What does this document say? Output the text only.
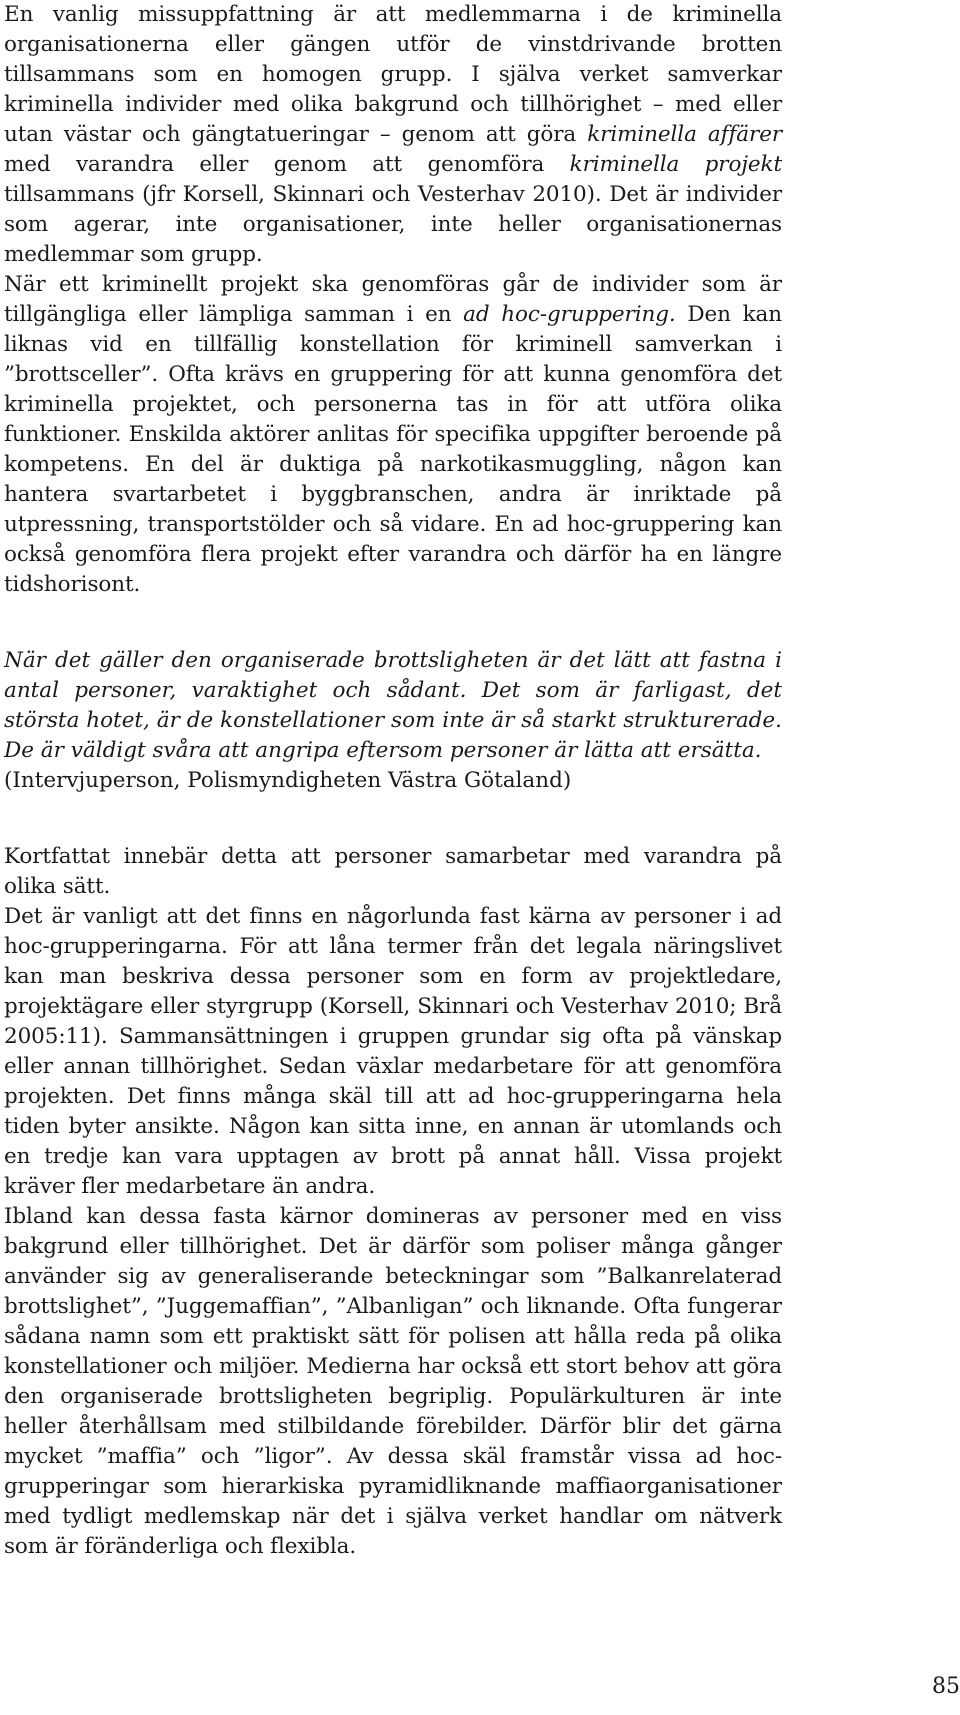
En vanlig missuppfattning är att medlemmarna i de kriminella organisationerna eller gängen utför de vinstdrivande brotten tillsammans som en homogen grupp. I själva verket samverkar kriminella individer med olika bakgrund och tillhörighet – med eller utan västar och gängtatueringar – genom att göra kriminella affärer med varandra eller genom att genomföra kriminella projekt tillsammans (jfr Korsell, Skinnari och Vesterhav 2010). Det är individer som agerar, inte organisationer, inte heller organisationernas medlemmar som grupp.

När ett kriminellt projekt ska genomföras går de individer som är tillgängliga eller lämpliga samman i en ad hoc-gruppering. Den kan liknas vid en tillfällig konstellation för kriminell samverkan i ”brottsceller”. Ofta krävs en gruppering för att kunna genomföra det kriminella projektet, och personerna tas in för att utföra olika funktioner. Enskilda aktörer anlitas för specifika uppgifter beroende på kompetens. En del är duktiga på narkotikasmuggling, någon kan hantera svartarbetet i byggbranschen, andra är inriktade på utpressning, transportstölder och så vidare. En ad hoc-gruppering kan också genomföra flera projekt efter varandra och därför ha en längre tidshorisont.

När det gäller den organiserade brottsligheten är det lätt att fastna i antal personer, varaktighet och sådant. Det som är farligast, det största hotet, är de konstellationer som inte är så starkt strukturerade. De är väldigt svåra att angripa eftersom personer är lätta att ersätta.

(Intervjuperson, Polismyndigheten Västra Götaland)

Kortfattat innebär detta att personer samarbetar med varandra på olika sätt.

Det är vanligt att det finns en någorlunda fast kärna av personer i ad hoc-grupperingarna. För att låna termer från det legala näringslivet kan man beskriva dessa personer som en form av projektledare, projektägare eller styrgrupp (Korsell, Skinnari och Vesterhav 2010; Brå 2005:11). Sammansättningen i gruppen grundar sig ofta på vänskap eller annan tillhörighet. Sedan växlar medarbetare för att genomföra projekten. Det finns många skäl till att ad hoc-grupperingarna hela tiden byter ansikte. Någon kan sitta inne, en annan är utomlands och en tredje kan vara upptagen av brott på annat håll. Vissa projekt kräver fler medarbetare än andra.

Ibland kan dessa fasta kärnor domineras av personer med en viss bakgrund eller tillhörighet. Det är därför som poliser många gånger använder sig av generaliserande beteckningar som ”Balkanrelaterad brottslighet”, ”Juggemaffian”, ”Albanligan” och liknande. Ofta fungerar sådana namn som ett praktiskt sätt för polisen att hålla reda på olika konstellationer och miljöer. Medierna har också ett stort behov att göra den organiserade brottsligheten begriplig. Populärkulturen är inte heller återhållsam med stilbildande förebilder. Därför blir det gärna mycket ”maffia” och ”ligor”. Av dessa skäl framstår vissa ad hoc-grupperingar som hierarkiska pyramidliknande maffiaorganisationer med tydligt medlemskap när det i själva verket handlar om nätverk som är föränderliga och flexibla.

85
